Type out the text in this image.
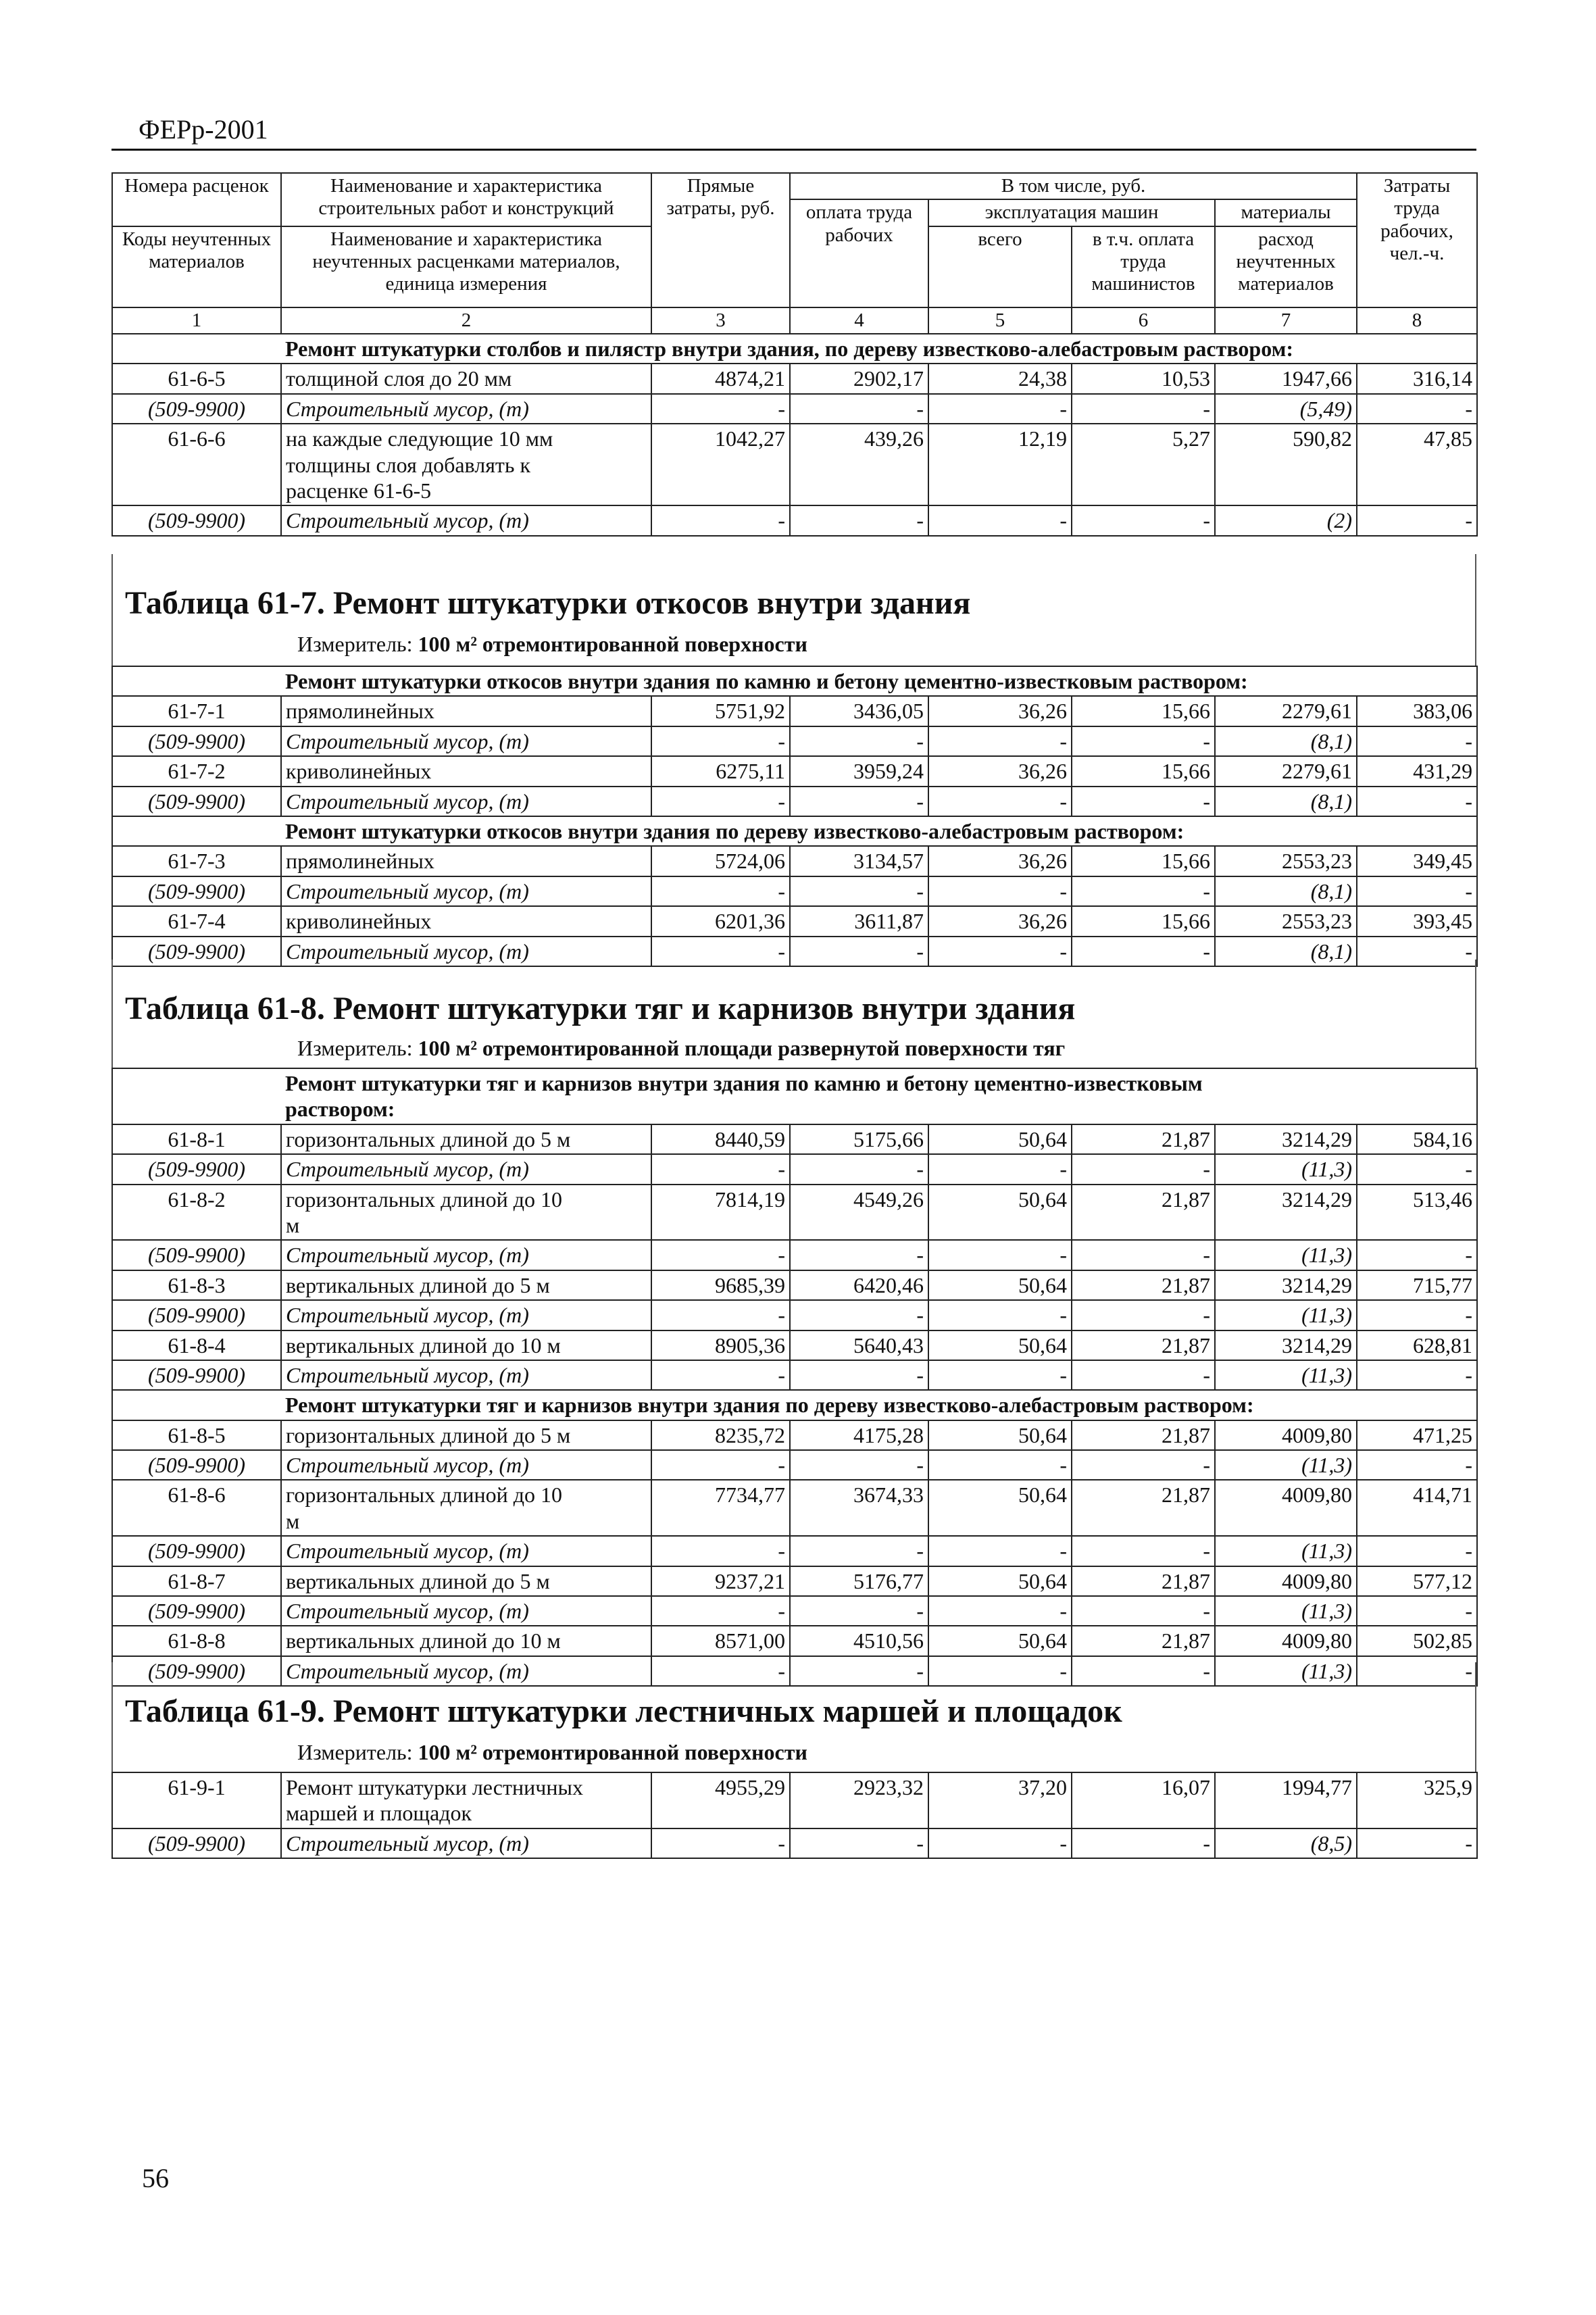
ФЕРр-2001
Номера расценок	Наименование и характеристика строительных работ и конструкций	Прямые затраты, руб.	В том числе, руб.				Затраты труда рабочих, чел.-ч.
			оплата труда рабочих	эксплуатация машин		материалы	
Коды неучтенных материалов	Наименование и характеристика неучтенных расценками материалов, единица измерения			всего	в т.ч. оплата труда машинистов	расход неучтенных материалов	

1	2	3	4	5	6	7	8
Ремонт штукатурки столбов и пилястр внутри здания, по дереву известково-алебастровым раствором:							
61-6-5	толщиной слоя до 20 мм	4874,21	2902,17	24,38	10,53	1947,66	316,14
(509-9900)	Строительный мусор, (т)	-	-	-	-	(5,49)	-
61-6-6	на каждые следующие 10 мм
толщины слоя добавлять к
расценке 61-6-5	1042,27	439,26	12,19	5,27	590,82	47,85
(509-9900)	Строительный мусор, (т)	-	-	-	-	(2)	-
Таблица 61-7. Ремонт штукатурки откосов внутри здания
Измеритель: 100 м² отремонтированной поверхности
Ремонт штукатурки откосов внутри здания по камню и бетону цементно-известковым раствором:							
61-7-1	прямолинейных	5751,92	3436,05	36,26	15,66	2279,61	383,06
(509-9900)	Строительный мусор, (т)	-	-	-	-	(8,1)	-
61-7-2	криволинейных	6275,11	3959,24	36,26	15,66	2279,61	431,29
(509-9900)	Строительный мусор, (т)	-	-	-	-	(8,1)	-
Ремонт штукатурки откосов внутри здания по дереву известково-алебастровым раствором:							
61-7-3	прямолинейных	5724,06	3134,57	36,26	15,66	2553,23	349,45
(509-9900)	Строительный мусор, (т)	-	-	-	-	(8,1)	-
61-7-4	криволинейных	6201,36	3611,87	36,26	15,66	2553,23	393,45
(509-9900)	Строительный мусор, (т)	-	-	-	-	(8,1)	-
Таблица 61-8. Ремонт штукатурки тяг и карнизов внутри здания
Измеритель: 100 м² отремонтированной площади развернутой поверхности тяг
Ремонт штукатурки тяг и карнизов внутри здания по камню и бетону цементно-известковым
раствором:							

61-8-1	горизонтальных длиной до 5 м	8440,59	5175,66	50,64	21,87	3214,29	584,16
(509-9900)	Строительный мусор, (т)	-	-	-	-	(11,3)	-
61-8-2	горизонтальных длиной до 10
м	7814,19	4549,26	50,64	21,87	3214,29	513,46
(509-9900)	Строительный мусор, (т)	-	-	-	-	(11,3)	-
61-8-3	вертикальных длиной до 5 м	9685,39	6420,46	50,64	21,87	3214,29	715,77
(509-9900)	Строительный мусор, (т)	-	-	-	-	(11,3)	-
61-8-4	вертикальных длиной до 10 м	8905,36	5640,43	50,64	21,87	3214,29	628,81
(509-9900)	Строительный мусор, (т)	-	-	-	-	(11,3)	-
Ремонт штукатурки тяг и карнизов внутри здания по дереву известково-алебастровым раствором:							
61-8-5	горизонтальных длиной до 5 м	8235,72	4175,28	50,64	21,87	4009,80	471,25
(509-9900)	Строительный мусор, (т)	-	-	-	-	(11,3)	-
61-8-6	горизонтальных длиной до 10
м	7734,77	3674,33	50,64	21,87	4009,80	414,71
(509-9900)	Строительный мусор, (т)	-	-	-	-	(11,3)	-
61-8-7	вертикальных длиной до 5 м	9237,21	5176,77	50,64	21,87	4009,80	577,12
(509-9900)	Строительный мусор, (т)	-	-	-	-	(11,3)	-
61-8-8	вертикальных длиной до 10 м	8571,00	4510,56	50,64	21,87	4009,80	502,85
(509-9900)	Строительный мусор, (т)	-	-	-	-	(11,3)	-
Таблица 61-9. Ремонт штукатурки лестничных маршей и площадок
Измеритель: 100 м² отремонтированной поверхности
61-9-1	Ремонт штукатурки лестничных
маршей и площадок	4955,29	2923,32	37,20	16,07	1994,77	325,9
(509-9900)	Строительный мусор, (т)	-	-	-	-	(8,5)	-
56
